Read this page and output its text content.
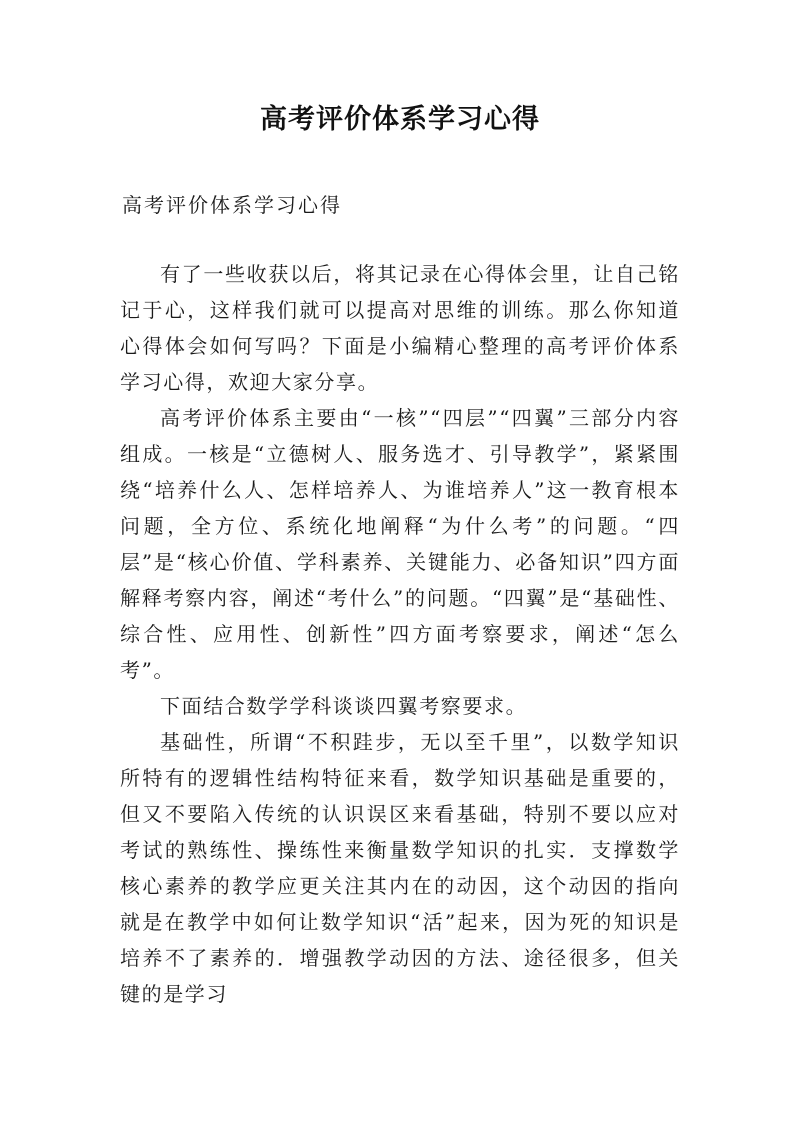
高考评价体系学习心得
高考评价体系学习心得

有了一些收获以后，将其记录在心得体会里，让自己铭记于心，这样我们就可以提高对思维的训练。那么你知道心得体会如何写吗？下面是小编精心整理的高考评价体系学习心得，欢迎大家分享。

高考评价体系主要由“一核”“四层”“四翼”三部分内容组成。一核是“立德树人、服务选才、引导教学”，紧紧围绕“培养什么人、怎样培养人、为谁培养人”这一教育根本问题，全方位、系统化地阐释“为什么考”的问题。“四层”是“核心价值、学科素养、关键能力、必备知识”四方面解释考察内容，阐述“考什么”的问题。“四翼”是“基础性、综合性、应用性、创新性”四方面考察要求，阐述“怎么考”。

下面结合数学学科谈谈四翼考察要求。

基础性，所谓“不积跬步，无以至千里”，以数学知识所特有的逻辑性结构特征来看，数学知识基础是重要的，但又不要陷入传统的认识误区来看基础，特别不要以应对考试的熟练性、操练性来衡量数学知识的扎实．支撑数学核心素养的教学应更关注其内在的动因，这个动因的指向就是在教学中如何让数学知识“活”起来，因为死的知识是培养不了素养的．增强教学动因的方法、途径很多，但关键的是学习
